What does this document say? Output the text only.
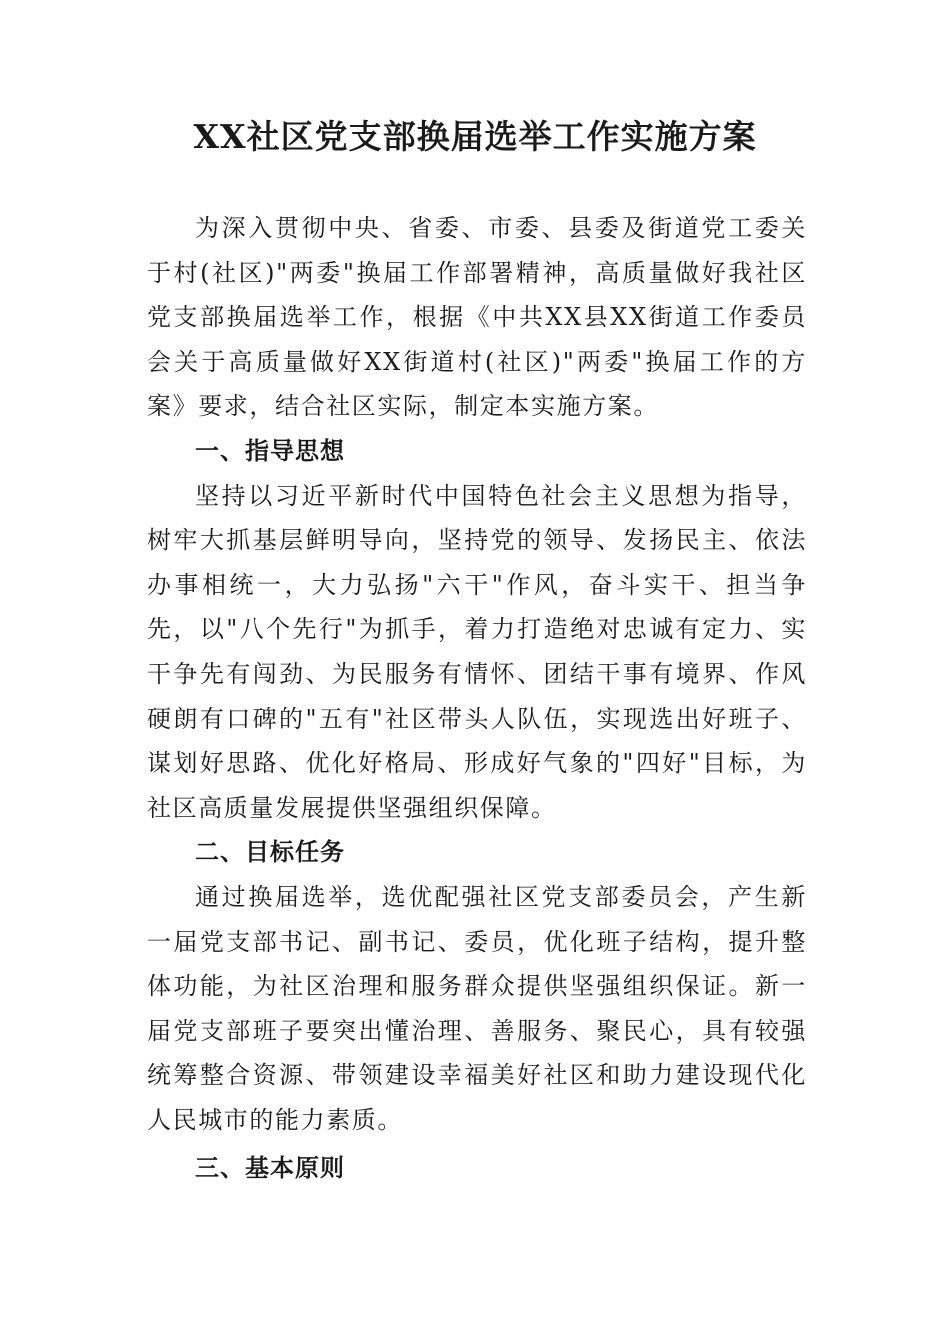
XX社区党支部换届选举工作实施方案

为深入贯彻中央、省委、市委、县委及街道党工委关于村(社区)"两委"换届工作部署精神，高质量做好我社区党支部换届选举工作，根据《中共XX县XX街道工作委员会关于高质量做好XX街道村(社区)"两委"换届工作的方案》要求，结合社区实际，制定本实施方案。

一、指导思想

坚持以习近平新时代中国特色社会主义思想为指导，树牢大抓基层鲜明导向，坚持党的领导、发扬民主、依法办事相统一，大力弘扬"六干"作风，奋斗实干、担当争先，以"八个先行"为抓手，着力打造绝对忠诚有定力、实干争先有闯劲、为民服务有情怀、团结干事有境界、作风硬朗有口碑的"五有"社区带头人队伍，实现选出好班子、谋划好思路、优化好格局、形成好气象的"四好"目标，为社区高质量发展提供坚强组织保障。

二、目标任务

通过换届选举，选优配强社区党支部委员会，产生新一届党支部书记、副书记、委员，优化班子结构，提升整体功能，为社区治理和服务群众提供坚强组织保证。新一届党支部班子要突出懂治理、善服务、聚民心，具有较强统筹整合资源、带领建设幸福美好社区和助力建设现代化人民城市的能力素质。

三、基本原则
